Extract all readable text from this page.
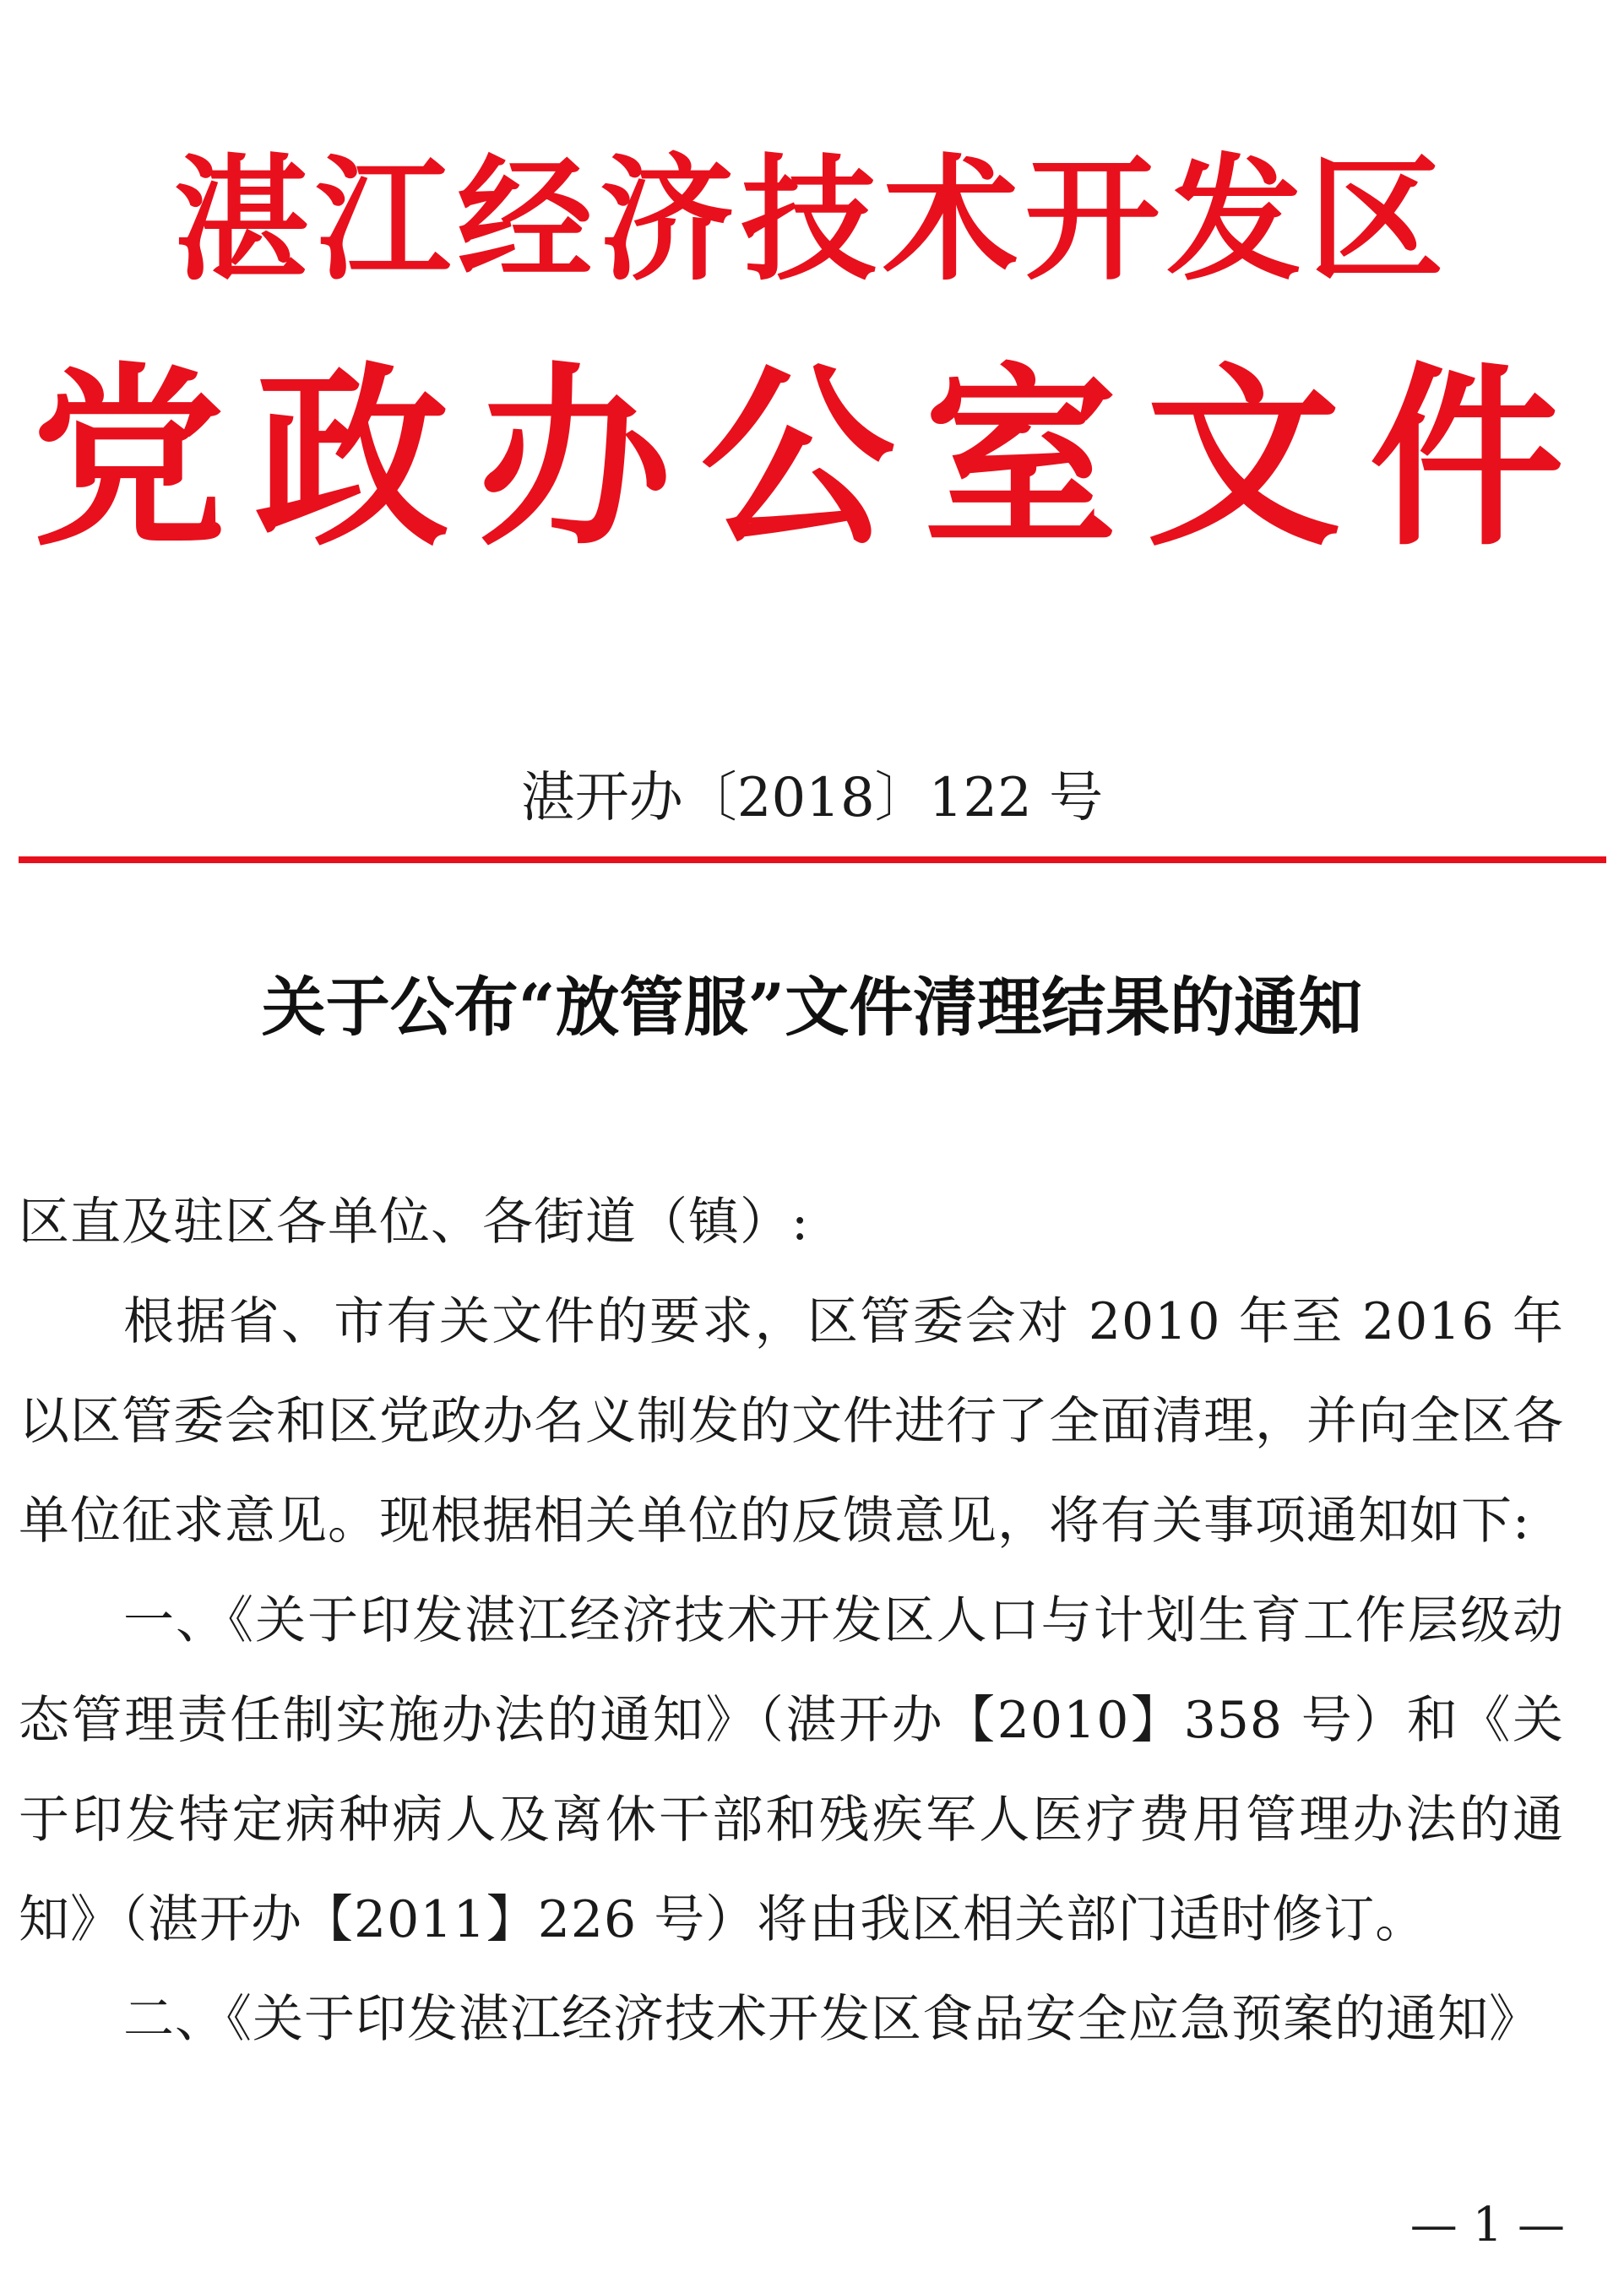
湛江经济技术开发区
党政办公室文件
湛开办〔2018〕122 号
关于公布“放管服”文件清理结果的通知

区直及驻区各单位、各街道（镇）:

根据省、市有关文件的要求，区管委会对 2010 年至 2016 年以区管委会和区党政办名义制发的文件进行了全面清理，并向全区各单位征求意见。现根据相关单位的反馈意见，将有关事项通知如下:

一、《关于印发湛江经济技术开发区人口与计划生育工作层级动态管理责任制实施办法的通知》（湛开办【2010】358 号）和《关于印发特定病种病人及离休干部和残疾军人医疗费用管理办法的通知》（湛开办【2011】226 号）将由我区相关部门适时修订。

二、《关于印发湛江经济技术开发区食品安全应急预案的通知》

— 1 —
